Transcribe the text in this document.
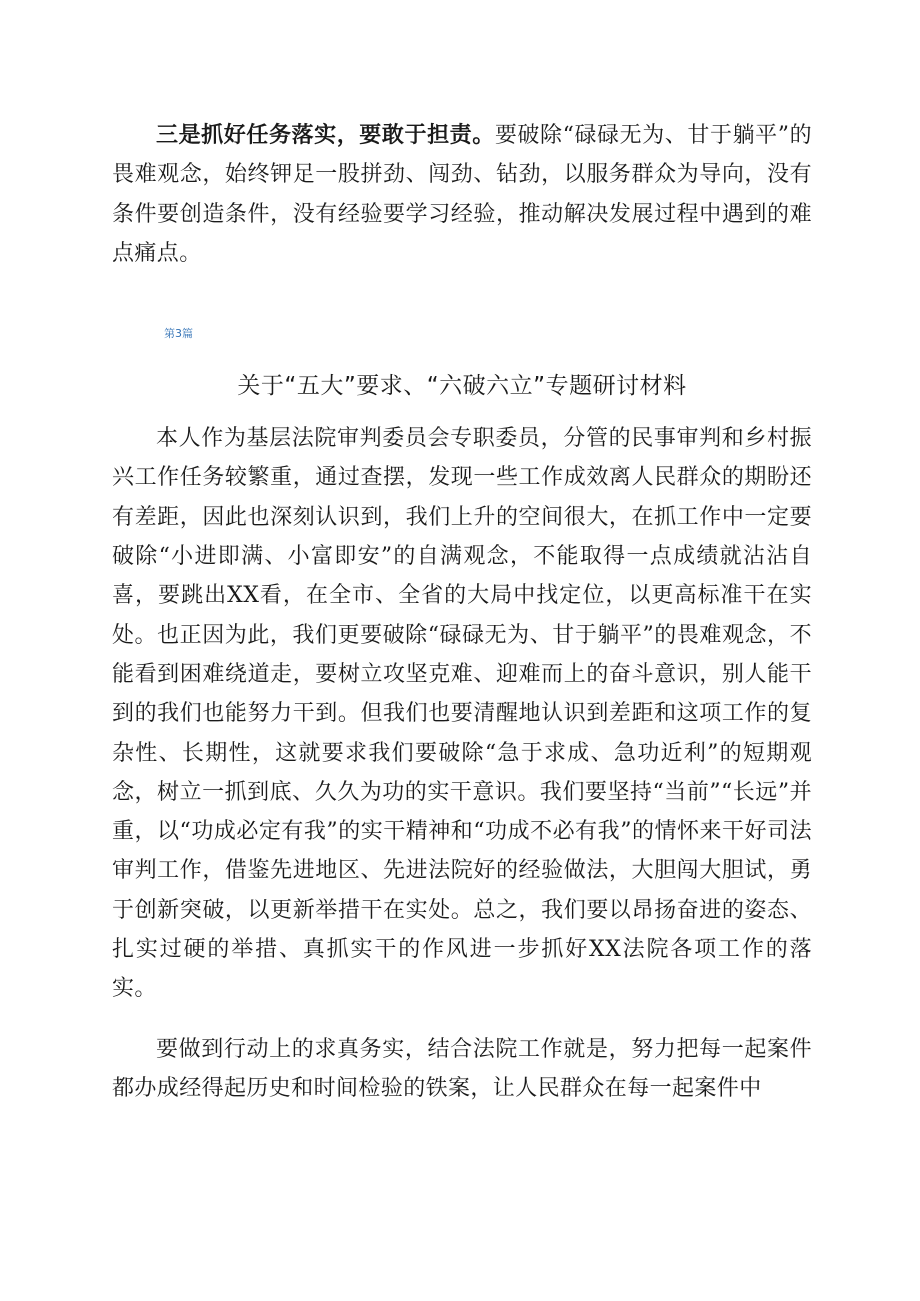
三是抓好任务落实，要敢于担责。要破除“碌碌无为、甘于躺平”的畏难观念，始终钾足一股拼劲、闯劲、钻劲，以服务群众为导向，没有条件要创造条件，没有经验要学习经验，推动解决发展过程中遇到的难点痛点。

第3篇
关于“五大”要求、“六破六立”专题研讨材料

本人作为基层法院审判委员会专职委员，分管的民事审判和乡村振兴工作任务较繁重，通过查摆，发现一些工作成效离人民群众的期盼还有差距，因此也深刻认识到，我们上升的空间很大，在抓工作中一定要破除“小进即满、小富即安”的自满观念，不能取得一点成绩就沾沾自喜，要跳出XX看，在全市、全省的大局中找定位，以更高标准干在实处。也正因为此，我们更要破除“碌碌无为、甘于躺平”的畏难观念，不能看到困难绕道走，要树立攻坚克难、迎难而上的奋斗意识，别人能干到的我们也能努力干到。但我们也要清醒地认识到差距和这项工作的复杂性、长期性，这就要求我们要破除“急于求成、急功近利”的短期观念，树立一抓到底、久久为功的实干意识。我们要坚持“当前”“长远”并重，以“功成必定有我”的实干精神和“功成不必有我”的情怀来干好司法审判工作，借鉴先进地区、先进法院好的经验做法，大胆闯大胆试，勇于创新突破，以更新举措干在实处。总之，我们要以昂扬奋进的姿态、扎实过硬的举措、真抓实干的作风进一步抓好XX法院各项工作的落实。

要做到行动上的求真务实，结合法院工作就是，努力把每一起案件都办成经得起历史和时间检验的铁案，让人民群众在每一起案件中
